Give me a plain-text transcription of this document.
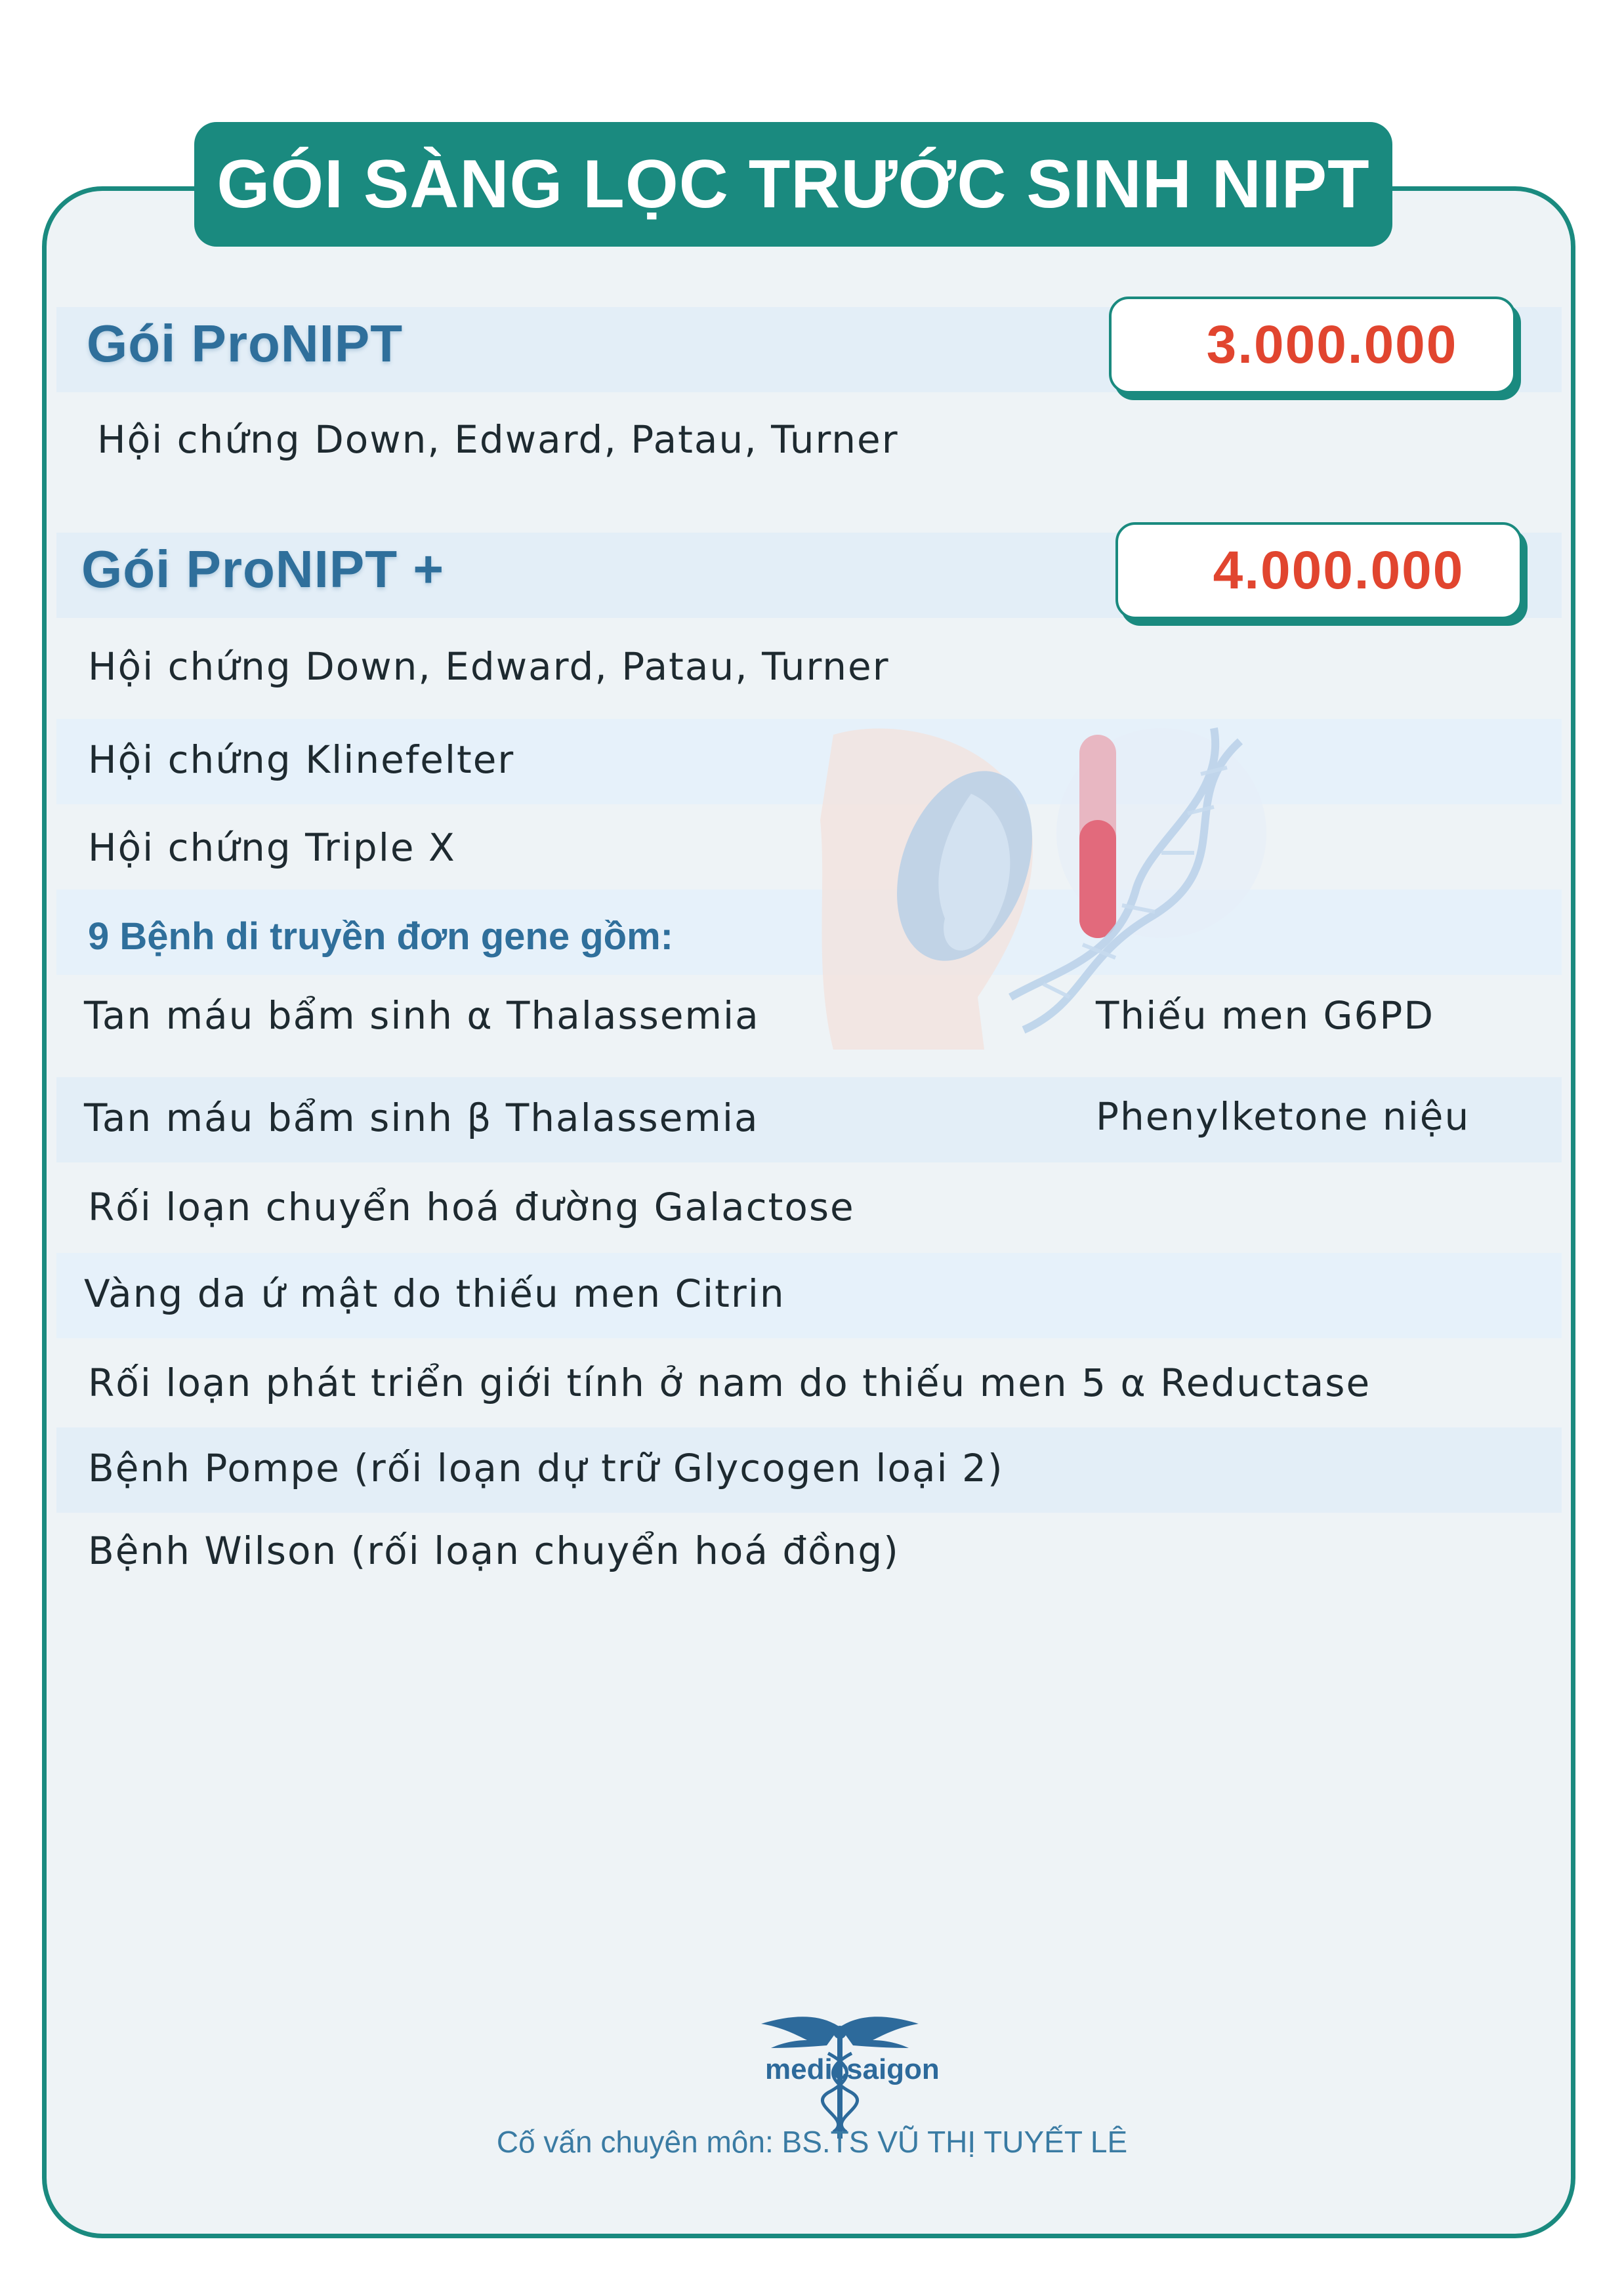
GÓI SÀNG LỌC TRƯỚC SINH NIPT
Gói ProNIPT	3.000.000
Hội chứng Down, Edward, Patau, Turner
Gói ProNIPT +	4.000.000
Hội chứng Down, Edward, Patau, Turner
Hội chứng Klinefelter
Hội chứng Triple X
9 Bệnh di truyền đơn gene gồm:
Tan máu bẩm sinh α Thalassemia	Thiếu men G6PD
Tan máu bẩm sinh β Thalassemia	Phenylketone niệu
Rối loạn chuyển hoá đường Galactose
Vàng da ứ mật do thiếu men Citrin
Rối loạn phát triển giới tính ở nam do thiếu men 5 α Reductase
Bệnh Pompe (rối loạn dự trữ Glycogen loại 2)
Bệnh Wilson (rối loạn chuyển hoá đồng)
medic
saigon
Cố vấn chuyên môn: BS.TS VŨ THỊ TUYẾT LÊ
